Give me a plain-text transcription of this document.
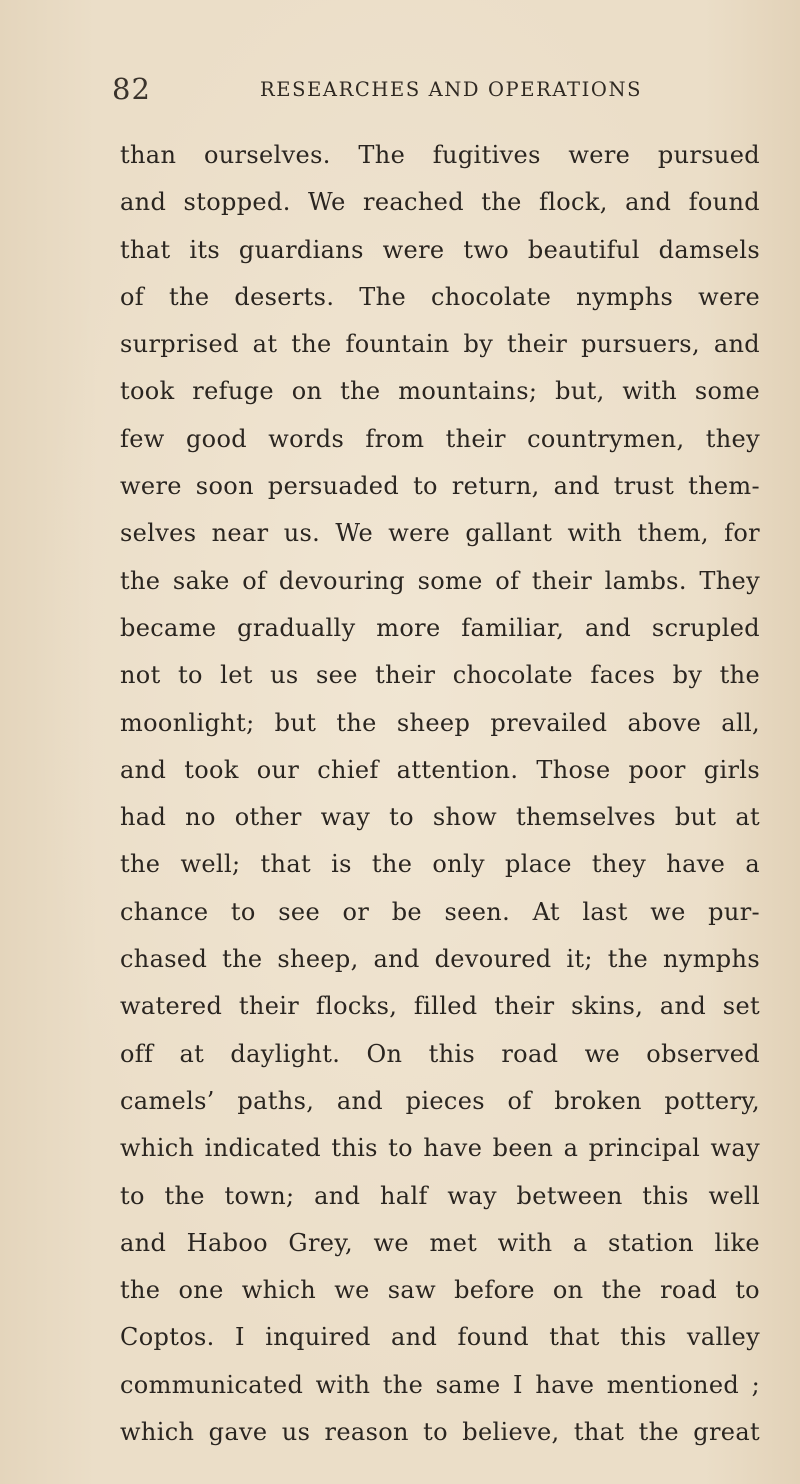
82	RESEARCHES AND OPERATIONS
than ourselves. The fugitives were pursued
and stopped. We reached the flock, and found
that its guardians were two beautiful damsels
of the deserts. The chocolate nymphs were
surprised at the fountain by their pursuers, and
took refuge on the mountains; but, with some
few good words from their countrymen, they
were soon persuaded to return, and trust them-
selves near us. We were gallant with them, for
the sake of devouring some of their lambs. They
became gradually more familiar, and scrupled
not to let us see their chocolate faces by the
moonlight; but the sheep prevailed above all,
and took our chief attention. Those poor girls
had no other way to show themselves but at
the well; that is the only place they have a
chance to see or be seen. At last we pur-
chased the sheep, and devoured it; the nymphs
watered their flocks, filled their skins, and set
off at daylight. On this road we observed
camels’ paths, and pieces of broken pottery,
which indicated this to have been a principal way
to the town; and half way between this well
and Haboo Grey, we met with a station like
the one which we saw before on the road to
Coptos. I inquired and found that this valley
communicated with the same I have mentioned ;
which gave us reason to believe, that the great
